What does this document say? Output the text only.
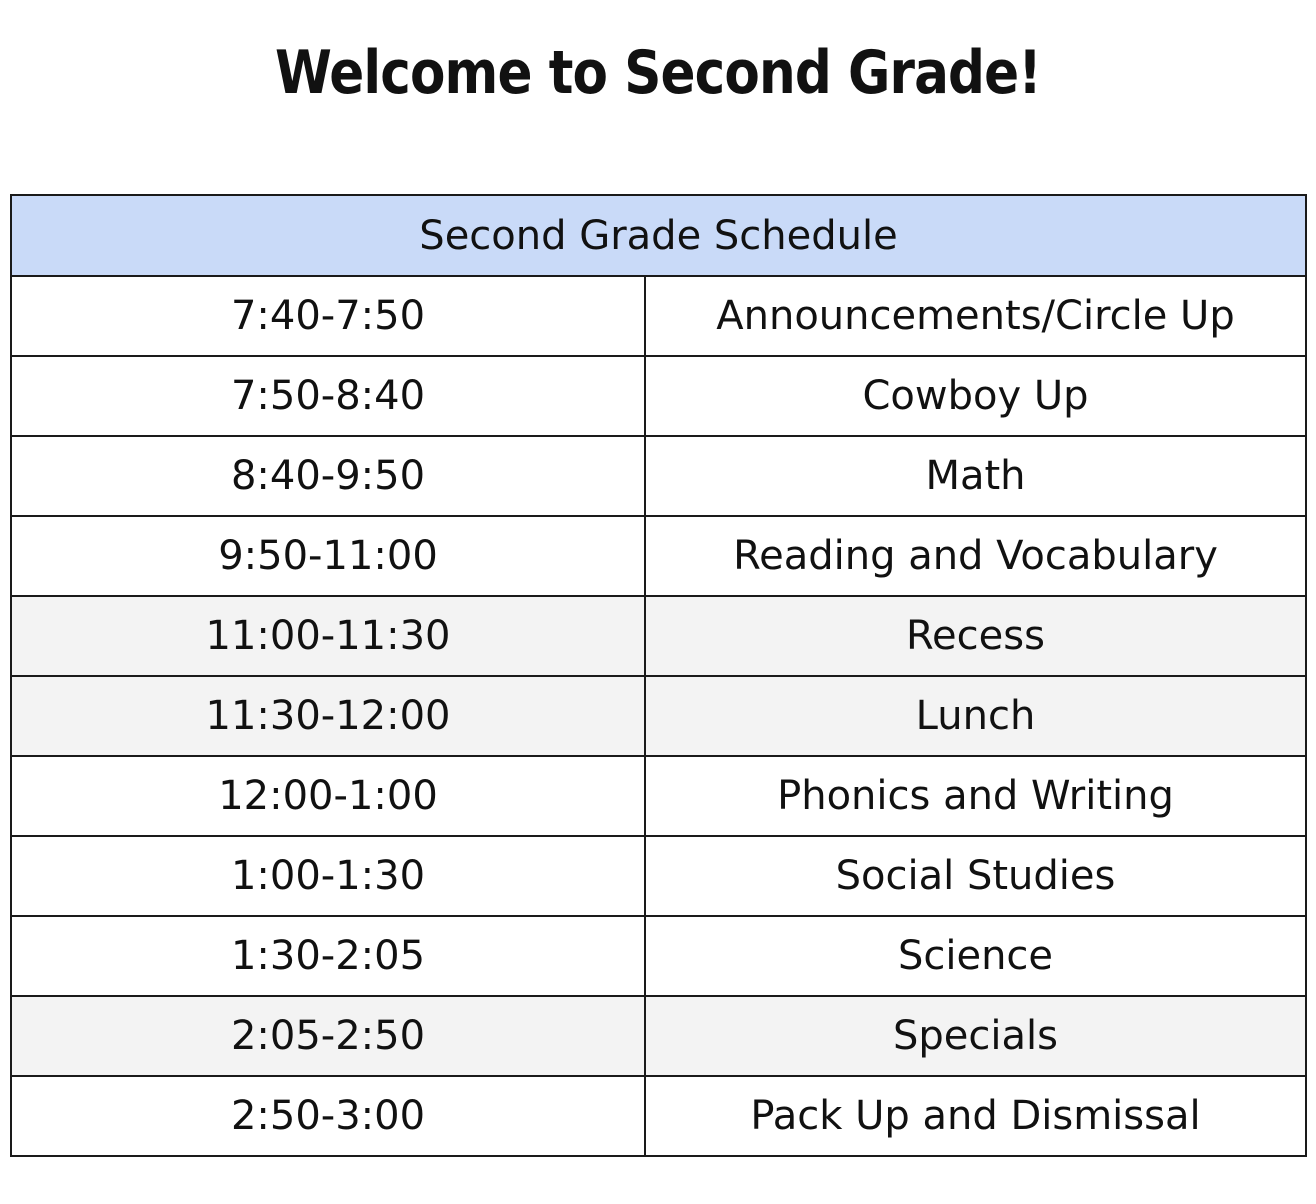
Welcome to Second Grade!
Second Grade Schedule	
7:40-7:50	Announcements/Circle Up
7:50-8:40	Cowboy Up
8:40-9:50	Math
9:50-11:00	Reading and Vocabulary
11:00-11:30	Recess
11:30-12:00	Lunch
12:00-1:00	Phonics and Writing
1:00-1:30	Social Studies
1:30-2:05	Science
2:05-2:50	Specials
2:50-3:00	Pack Up and Dismissal
